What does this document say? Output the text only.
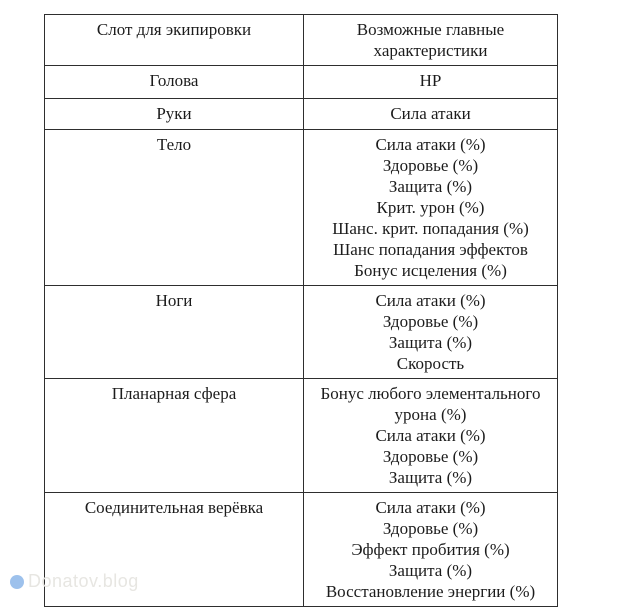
Слот для экипировки	Возможные главные характеристики
Голова	HP

Руки	Сила атаки

Тело	Сила атаки (%)
Здоровье (%)
Защита (%)
Крит. урон (%)
Шанс. крит. попадания (%)
Шанс попадания эффектов
Бонус исцеления (%)

Ноги	Сила атаки (%)
Здоровье (%)
Защита (%)
Скорость

Планарная сфера	Бонус любого элементального урона (%)
Сила атаки (%)
Здоровье (%)
Защита (%)

Соединительная верёвка	Сила атаки (%)
Здоровье (%)
Эффект пробития (%)
Защита (%)
Восстановление энергии (%)
Donatov.blog
